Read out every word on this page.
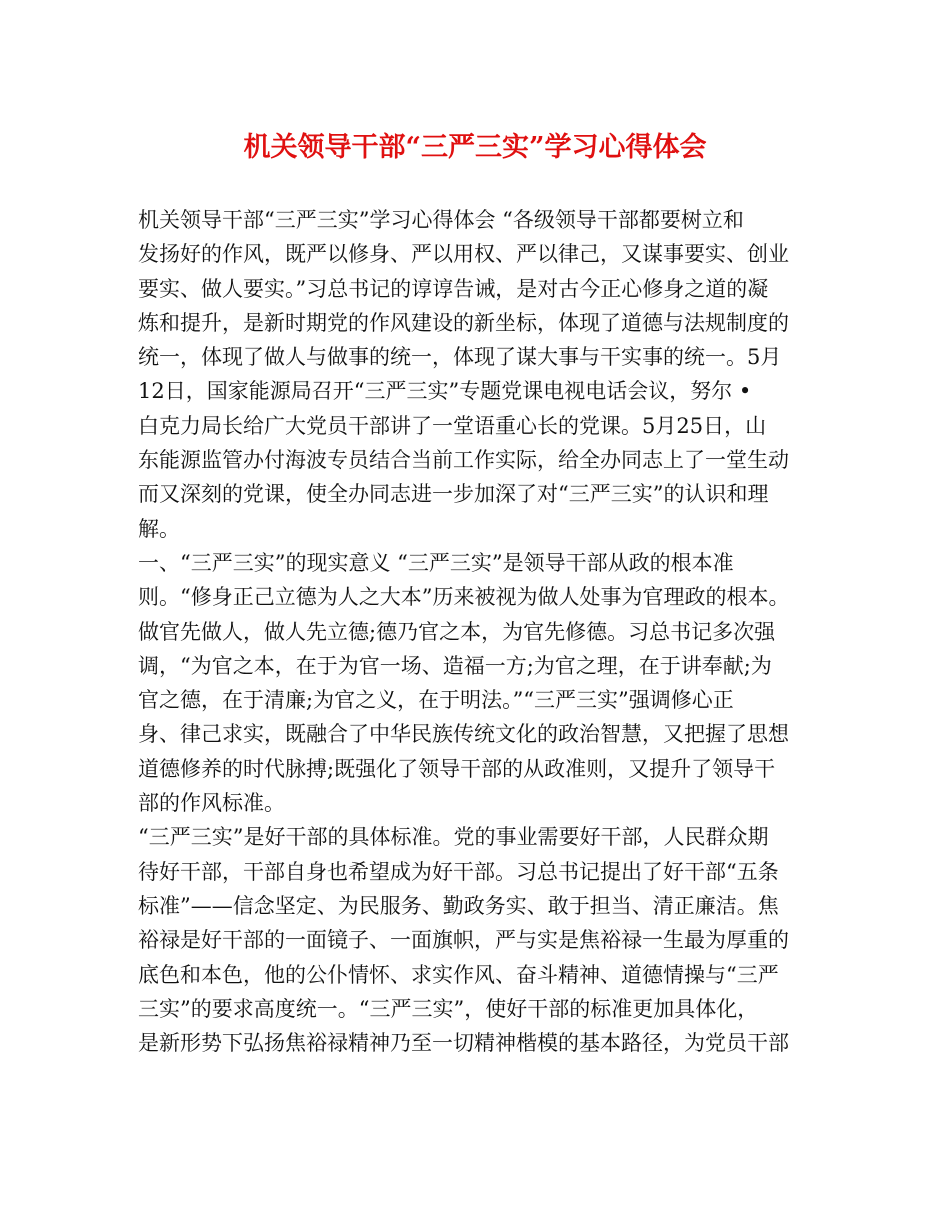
机关领导干部“三严三实”学习心得体会
机关领导干部“三严三实”学习心得体会 “各级领导干部都要树立和
发扬好的作风，既严以修身、严以用权、严以律己，又谋事要实、创业
要实、做人要实。”习总书记的谆谆告诫，是对古今正心修身之道的凝
炼和提升，是新时期党的作风建设的新坐标，体现了道德与法规制度的
统一，体现了做人与做事的统一，体现了谋大事与干实事的统一。5月
12日，国家能源局召开“三严三实”专题党课电视电话会议，努尔 •
白克力局长给广大党员干部讲了一堂语重心长的党课。5月25日，山
东能源监管办付海波专员结合当前工作实际，给全办同志上了一堂生动
而又深刻的党课，使全办同志进一步加深了对“三严三实”的认识和理
解。
一、“三严三实”的现实意义 “三严三实”是领导干部从政的根本准
则。“修身正己立德为人之大本”历来被视为做人处事为官理政的根本。
做官先做人，做人先立德;德乃官之本，为官先修德。习总书记多次强
调，“为官之本，在于为官一场、造福一方;为官之理，在于讲奉献;为
官之德，在于清廉;为官之义，在于明法。”“三严三实”强调修心正
身、律己求实，既融合了中华民族传统文化的政治智慧，又把握了思想
道德修养的时代脉搏;既强化了领导干部的从政准则，又提升了领导干
部的作风标准。
“三严三实”是好干部的具体标准。党的事业需要好干部，人民群众期
待好干部，干部自身也希望成为好干部。习总书记提出了好干部“五条
标准”——信念坚定、为民服务、勤政务实、敢于担当、清正廉洁。焦
裕禄是好干部的一面镜子、一面旗帜，严与实是焦裕禄一生最为厚重的
底色和本色，他的公仆情怀、求实作风、奋斗精神、道德情操与“三严
三实”的要求高度统一。“三严三实”，使好干部的标准更加具体化，
是新形势下弘扬焦裕禄精神乃至一切精神楷模的基本路径，为党员干部
